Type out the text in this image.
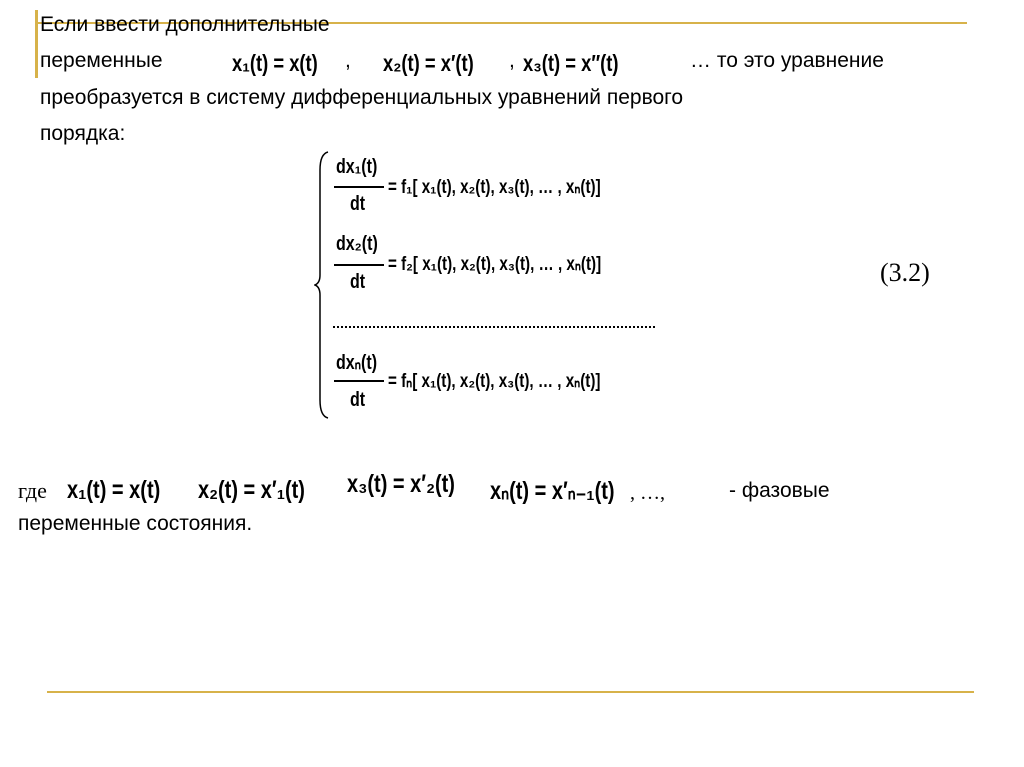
Если ввести дополнительные
переменные	x₁(t) = x(t) , x₂(t) = x′(t) , x₃(t) = x″(t)	… то это уравнение
преобразуется в систему дифференциальных уравнений первого
порядка:
dx₁(t)
dt
= f₁[ x₁(t), x₂(t), x₃(t), … , xₙ(t)]
dx₂(t)
dt
= f₂[ x₁(t), x₂(t), x₃(t), … , xₙ(t)]
dxₙ(t)
dt
= fₙ[ x₁(t), x₂(t), x₃(t), … , xₙ(t)]
(3.2)
где x₁(t) = x(t) x₂(t) = x′₁(t) x₃(t) = x′₂(t) xₙ(t) = x′ₙ₋₁(t) , …,	- фазовые
переменные состояния.
